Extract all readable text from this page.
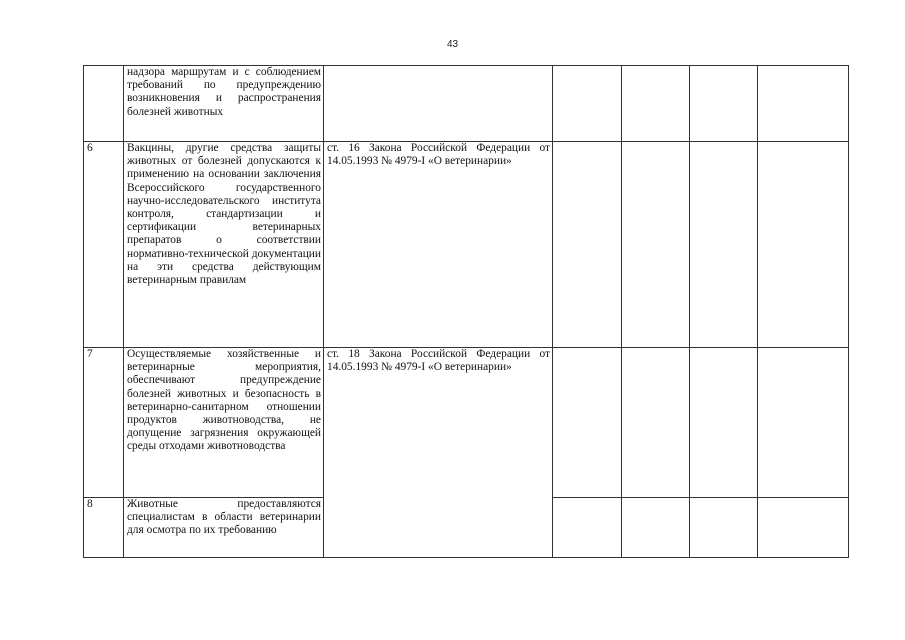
43

	надзора маршрутам и с соблюдением требований по предупреждению возникновения и распространения болезней животных					

6	Вакцины, другие средства защиты животных от болезней допускаются к применению на основании заключения Всероссийского государственного научно-исследовательского института контроля, стандартизации и сертификации ветеринарных препаратов о соответствии нормативно-технической документации на эти средства действующим ветеринарным правилам	ст. 16 Закона Российской Федерации от 14.05.1993 № 4979-I «О ветеринарии»				

7	Осуществляемые хозяйственные и ветеринарные мероприятия, обеспечивают предупреждение болезней животных и безопасность в ветеринарно-санитарном отношении продуктов животноводства, не допущение загрязнения окружающей среды отходами животноводства	ст. 18 Закона Российской Федерации от 14.05.1993 № 4979-I «О ветеринарии»				

8	Животные предоставляются специалистам в области ветеринарии для осмотра по их требованию					
